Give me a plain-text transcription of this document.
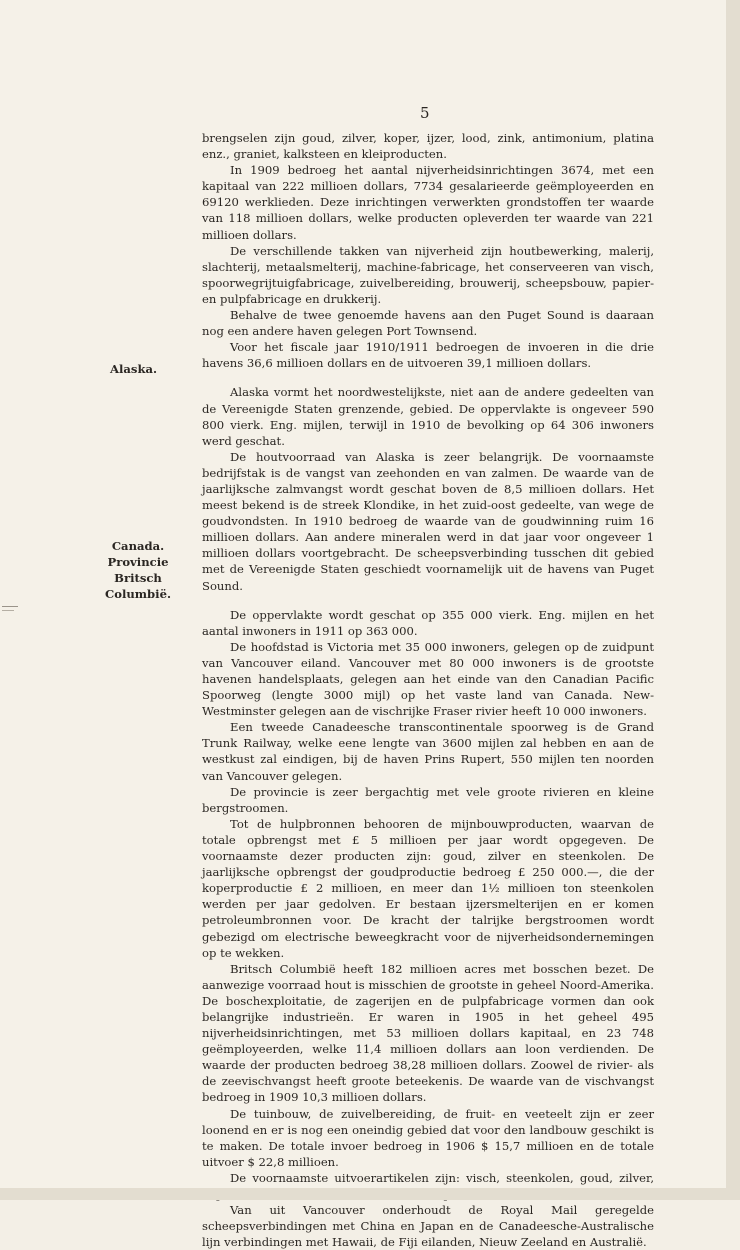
5
Alaska.
Canada.
Provincie
Britsch
Columbië.

brengselen zijn goud, zilver, koper, ijzer, lood, zink, antimonium, platina enz., graniet, kalksteen en kleiproducten.

In 1909 bedroeg het aantal nijverheidsinrichtingen 3674, met een kapitaal van 222 millioen dollars, 7734 gesalarieerde geëmployeerden en 69120 werklieden. Deze inrichtingen verwerkten grondstoffen ter waarde van 118 millioen dollars, welke producten opleverden ter waarde van 221 millioen dollars.

De verschillende takken van nijverheid zijn houtbewerking, malerij, slachterij, metaalsmelterij, machine-fabricage, het conserveeren van visch, spoorwegrijtuigfabricage, zuivelbereiding, brouwerij, scheepsbouw, papier- en pulpfabricage en drukkerij.

Behalve de twee genoemde havens aan den Puget Sound is daaraan nog een andere haven gelegen Port Townsend.

Voor het fiscale jaar 1910/1911 bedroegen de invoeren in die drie havens 36,6 millioen dollars en de uitvoeren 39,1 millioen dollars.

Alaska vormt het noordwestelijkste, niet aan de andere gedeelten van de Vereenigde Staten grenzende, gebied. De oppervlakte is ongeveer 590 800 vierk. Eng. mijlen, terwijl in 1910 de bevolking op 64 306 inwoners werd geschat.

De houtvoorraad van Alaska is zeer belangrijk. De voornaamste bedrijfstak is de vangst van zeehonden en van zalmen. De waarde van de jaarlijksche zalmvangst wordt geschat boven de 8,5 millioen dollars. Het meest bekend is de streek Klondike, in het zuid-oost gedeelte, van wege de goudvondsten. In 1910 bedroeg de waarde van de goudwinning ruim 16 millioen dollars. Aan andere mineralen werd in dat jaar voor ongeveer 1 millioen dollars voortgebracht. De scheepsverbinding tusschen dit gebied met de Vereenigde Staten geschiedt voornamelijk uit de havens van Puget Sound.

De oppervlakte wordt geschat op 355 000 vierk. Eng. mijlen en het aantal inwoners in 1911 op 363 000.

De hoofdstad is Victoria met 35 000 inwoners, gelegen op de zuidpunt van Vancouver eiland. Vancouver met 80 000 inwoners is de grootste havenen handelsplaats, gelegen aan het einde van den Canadian Pacific Spoorweg (lengte 3000 mijl) op het vaste land van Canada. New-Westminster gelegen aan de vischrijke Fraser rivier heeft 10 000 inwoners.

Een tweede Canadeesche transcontinentale spoorweg is de Grand Trunk Railway, welke eene lengte van 3600 mijlen zal hebben en aan de westkust zal eindigen, bij de haven Prins Rupert, 550 mijlen ten noorden van Vancouver gelegen.

De provincie is zeer bergachtig met vele groote rivieren en kleine bergstroomen.

Tot de hulpbronnen behooren de mijnbouwproducten, waarvan de totale opbrengst met £ 5 millioen per jaar wordt opgegeven. De voornaamste dezer producten zijn: goud, zilver en steenkolen. De jaarlijksche opbrengst der goudproductie bedroeg £ 250 000.—, die der koperproductie £ 2 millioen, en meer dan 1½ millioen ton steenkolen werden per jaar gedolven. Er bestaan ijzersmelterijen en er komen petroleumbronnen voor. De kracht der talrijke bergstroomen wordt gebezigd om electrische beweegkracht voor de nijverheidsondernemingen op te wekken.

Britsch Columbië heeft 182 millioen acres met bosschen bezet. De aanwezige voorraad hout is misschien de grootste in geheel Noord-Amerika. De boschexploitatie, de zagerijen en de pulpfabricage vormen dan ook belangrijke industrieën. Er waren in 1905 in het geheel 495 nijverheidsinrichtingen, met 53 millioen dollars kapitaal, en 23 748 geëmployeerden, welke 11,4 millioen dollars aan loon verdienden. De waarde der producten bedroeg 38,28 millioen dollars. Zoowel de rivier- als de zeevischvangst heeft groote beteekenis. De waarde van de vischvangst bedroeg in 1909 10,3 millioen dollars.

De tuinbouw, de zuivelbereiding, de fruit- en veeteelt zijn er zeer loonend en er is nog een oneindig gebied dat voor den landbouw geschikt is te maken. De totale invoer bedroeg in 1906 $ 15,7 millioen en de totale uitvoer $ 22,8 millioen.

De voornaamste uitvoerartikelen zijn: visch, steenkolen, goud, zilver,

Van uit Vancouver onderhoudt de Royal Mail geregelde scheepsverbindingen met China en Japan en de Canadeesche-Australische lijn verbindingen met Hawaii, de Fiji eilanden, Nieuw Zeeland en Australië.
